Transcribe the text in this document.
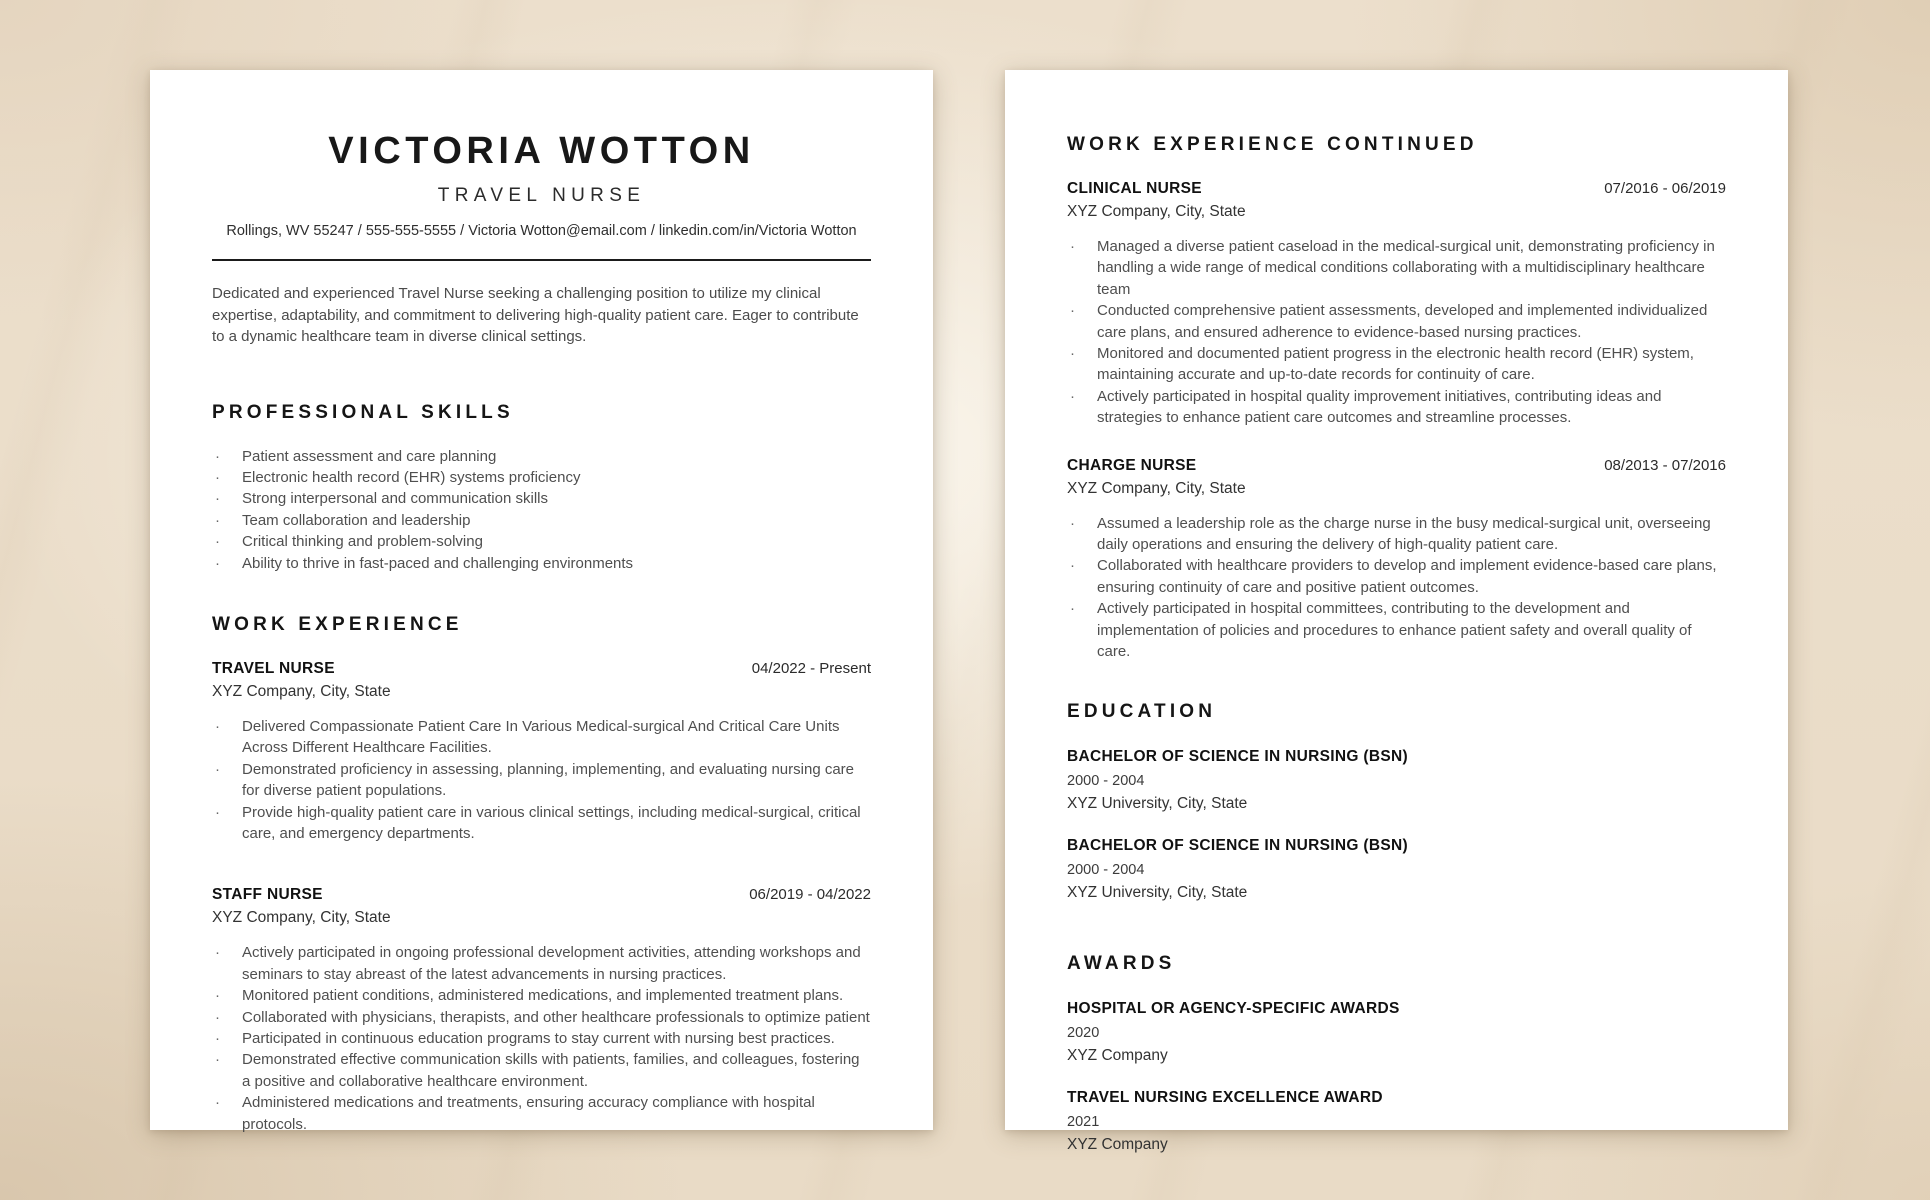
VICTORIA WOTTON
TRAVEL NURSE
Rollings, WV 55247 / 555-555-5555 / Victoria Wotton@email.com / linkedin.com/in/Victoria Wotton

Dedicated and experienced Travel Nurse seeking a challenging position to utilize my clinical expertise, adaptability, and commitment to delivering high-quality patient care. Eager to contribute to a dynamic healthcare team in diverse clinical settings.

PROFESSIONAL SKILLS
·	Patient assessment and care planning
·	Electronic health record (EHR) systems proficiency
·	Strong interpersonal and communication skills
·	Team collaboration and leadership
·	Critical thinking and problem-solving
·	Ability to thrive in fast-paced and challenging environments
WORK EXPERIENCE
TRAVEL NURSE	04/2022 - Present
XYZ Company, City, State
·	Delivered Compassionate Patient Care In Various Medical-surgical And Critical Care Units Across Different Healthcare Facilities.
·	Demonstrated proficiency in assessing, planning, implementing, and evaluating nursing care for diverse patient populations.
·	Provide high-quality patient care in various clinical settings, including medical-surgical, critical care, and emergency departments.
STAFF NURSE	06/2019 - 04/2022
XYZ Company, City, State
·	Actively participated in ongoing professional development activities, attending workshops and seminars to stay abreast of the latest advancements in nursing practices.
·	Monitored patient conditions, administered medications, and implemented treatment plans.
·	Collaborated with physicians, therapists, and other healthcare professionals to optimize patient
·	Participated in continuous education programs to stay current with nursing best practices.
·	Demonstrated effective communication skills with patients, families, and colleagues, fostering a positive and collaborative healthcare environment.
·	Administered medications and treatments, ensuring accuracy compliance with hospital protocols.
WORK EXPERIENCE CONTINUED
CLINICAL NURSE	07/2016 - 06/2019
XYZ Company, City, State
·	Managed a diverse patient caseload in the medical-surgical unit, demonstrating proficiency in handling a wide range of medical conditions collaborating with a multidisciplinary healthcare team
·	Conducted comprehensive patient assessments, developed and implemented individualized care plans, and ensured adherence to evidence-based nursing practices.
·	Monitored and documented patient progress in the electronic health record (EHR) system, maintaining accurate and up-to-date records for continuity of care.
·	Actively participated in hospital quality improvement initiatives, contributing ideas and strategies to enhance patient care outcomes and streamline processes.
CHARGE NURSE	08/2013 - 07/2016
XYZ Company, City, State
·	Assumed a leadership role as the charge nurse in the busy medical-surgical unit, overseeing daily operations and ensuring the delivery of high-quality patient care.
·	Collaborated with healthcare providers to develop and implement evidence-based care plans, ensuring continuity of care and positive patient outcomes.
·	Actively participated in hospital committees, contributing to the development and implementation of policies and procedures to enhance patient safety and overall quality of care.
EDUCATION
BACHELOR OF SCIENCE IN NURSING (BSN)
2000 - 2004
XYZ University, City, State
BACHELOR OF SCIENCE IN NURSING (BSN)
2000 - 2004
XYZ University, City, State
AWARDS
HOSPITAL OR AGENCY-SPECIFIC AWARDS
2020
XYZ Company
TRAVEL NURSING EXCELLENCE AWARD
2021
XYZ Company
